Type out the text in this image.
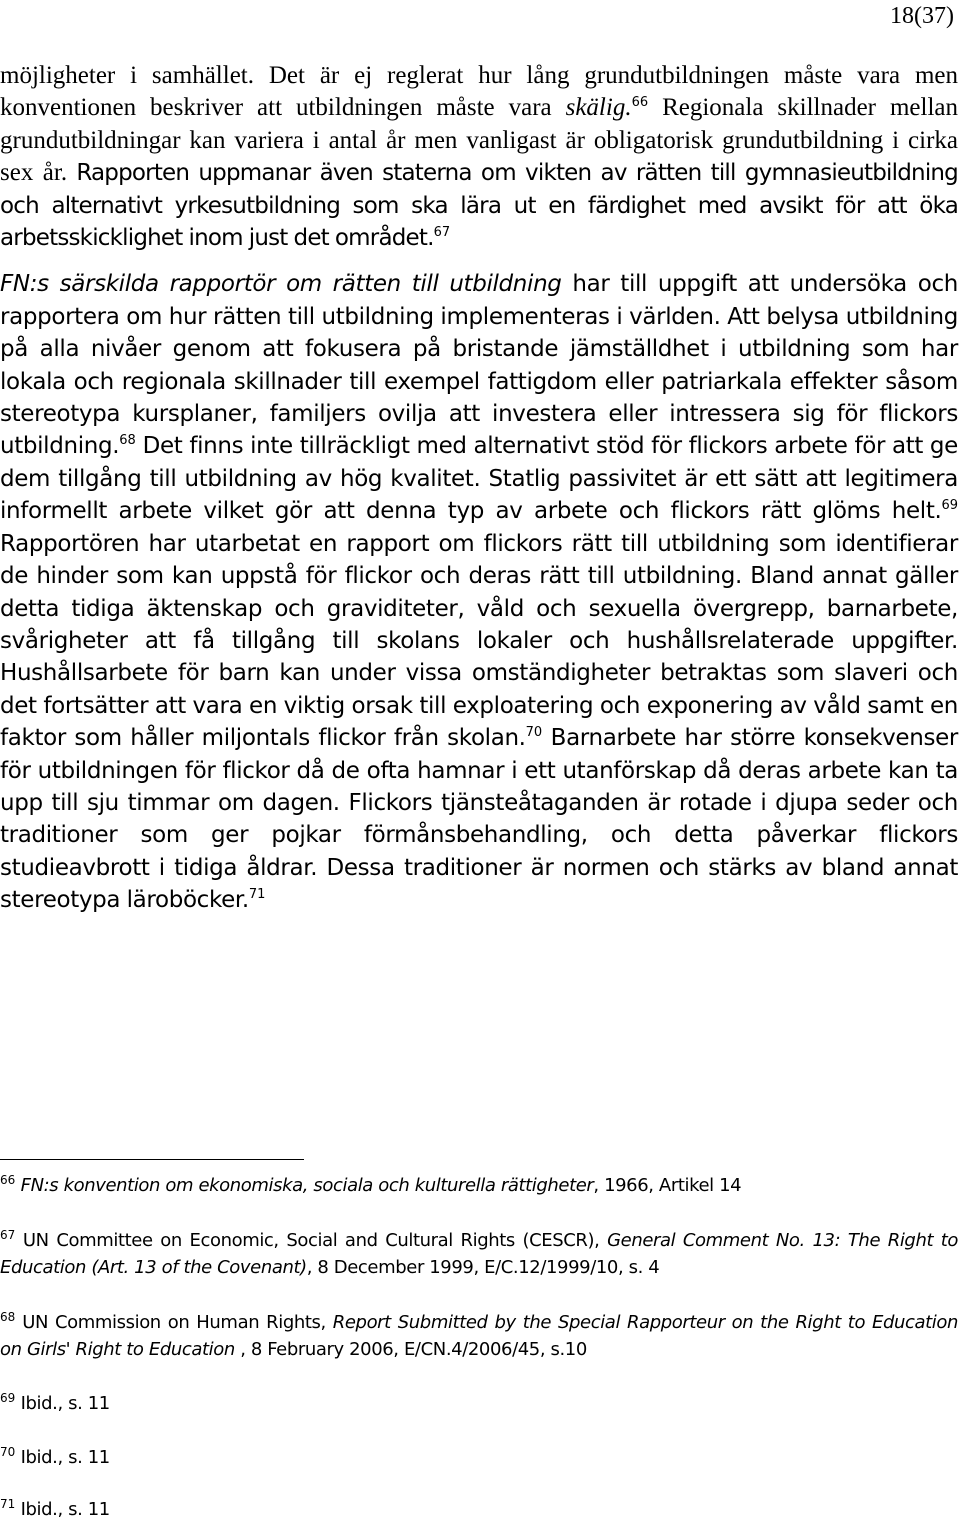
18(37)

möjligheter i samhället. Det är ej reglerat hur lång grundutbildningen måste vara men konventionen beskriver att utbildningen måste vara skälig.$^{66}$ Regionala skillnader mellan grundutbildningar kan variera i antal år men vanligast är obligatorisk grundutbildning i cirka sex år. Rapporten uppmanar även staterna om vikten av rätten till gymnasieutbildning och alternativt yrkesutbildning som ska lära ut en färdighet med avsikt för att öka arbetsskicklighet inom just det området.$^{67}$

FN:s särskilda rapportör om rätten till utbildning har till uppgift att undersöka och rapportera om hur rätten till utbildning implementeras i världen. Att belysa utbildning på alla nivåer genom att fokusera på bristande jämställdhet i utbildning som har lokala och regionala skillnader till exempel fattigdom eller patriarkala effekter såsom stereotypa kursplaner, familjers ovilja att investera eller intressera sig för flickors utbildning.$^{68}$ Det finns inte tillräckligt med alternativt stöd för flickors arbete för att ge dem tillgång till utbildning av hög kvalitet. Statlig passivitet är ett sätt att legitimera informellt arbete vilket gör att denna typ av arbete och flickors rätt glöms helt.$^{69}$ Rapportören har utarbetat en rapport om flickors rätt till utbildning som identifierar de hinder som kan uppstå för flickor och deras rätt till utbildning. Bland annat gäller detta tidiga äktenskap och graviditeter, våld och sexuella övergrepp, barnarbete, svårigheter att få tillgång till skolans lokaler och hushållsrelaterade uppgifter. Hushållsarbete för barn kan under vissa omständigheter betraktas som slaveri och det fortsätter att vara en viktig orsak till exploatering och exponering av våld samt en faktor som håller miljontals flickor från skolan.$^{70}$ Barnarbete har större konsekvenser för utbildningen för flickor då de ofta hamnar i ett utanförskap då deras arbete kan ta upp till sju timmar om dagen. Flickors tjänsteåtaganden är rotade i djupa seder och traditioner som ger pojkar förmånsbehandling, och detta påverkar flickors studieavbrott i tidiga åldrar. Dessa traditioner är normen och stärks av bland annat stereotypa läroböcker.$^{71}$

$^{66}$ FN:s konvention om ekonomiska, sociala och kulturella rättigheter, 1966, Artikel 14

$^{67}$ UN Committee on Economic, Social and Cultural Rights (CESCR), General Comment No. 13: The Right to Education (Art. 13 of the Covenant), 8 December 1999, E/C.12/1999/10, s. 4

$^{68}$ UN Commission on Human Rights, Report Submitted by the Special Rapporteur on the Right to Education on Girls' Right to Education , 8 February 2006, E/CN.4/2006/45, s.10

$^{69}$ Ibid., s. 11

$^{70}$ Ibid., s. 11

$^{71}$ Ibid., s. 11
